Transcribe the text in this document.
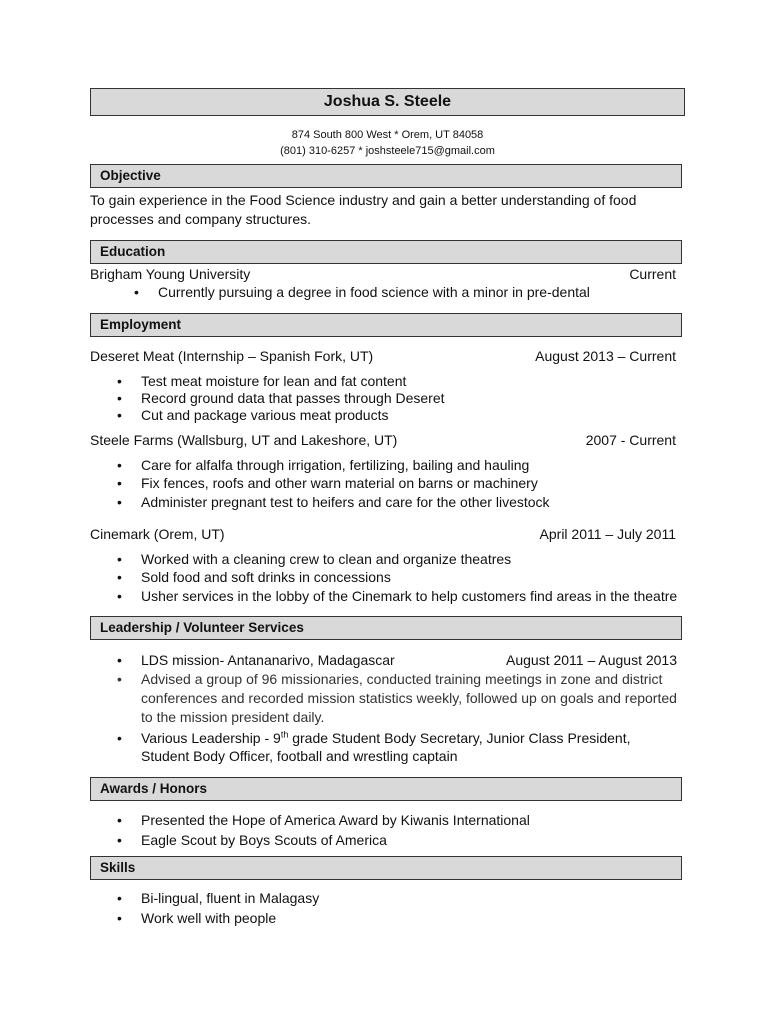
Joshua S. Steele
874 South 800 West * Orem, UT 84058
(801) 310-6257 * joshsteele715@gmail.com
Objective
To gain experience in the Food Science industry and gain a better understanding of food
processes and company structures.
Education
Brigham Young University	Current
• Currently pursuing a degree in food science with a minor in pre-dental
Employment
Deseret Meat (Internship – Spanish Fork, UT)	August 2013 – Current
• Test meat moisture for lean and fat content
• Record ground data that passes through Deseret
• Cut and package various meat products
Steele Farms (Wallsburg, UT and Lakeshore, UT)	2007 - Current
• Care for alfalfa through irrigation, fertilizing, bailing and hauling
• Fix fences, roofs and other warn material on barns or machinery
• Administer pregnant test to heifers and care for the other livestock
Cinemark (Orem, UT)	April 2011 – July 2011
• Worked with a cleaning crew to clean and organize theatres
• Sold food and soft drinks in concessions
• Usher services in the lobby of the Cinemark to help customers find areas in the theatre
Leadership / Volunteer Services
• LDS mission- Antananarivo, Madagascar	August 2011 – August 2013
• Advised a group of 96 missionaries, conducted training meetings in zone and district
conferences and recorded mission statistics weekly, followed up on goals and reported
to the mission president daily.
• Various Leadership - 9th grade Student Body Secretary, Junior Class President,
Student Body Officer, football and wrestling captain
Awards / Honors
• Presented the Hope of America Award by Kiwanis International
• Eagle Scout by Boys Scouts of America
Skills
• Bi-lingual, fluent in Malagasy
• Work well with people
